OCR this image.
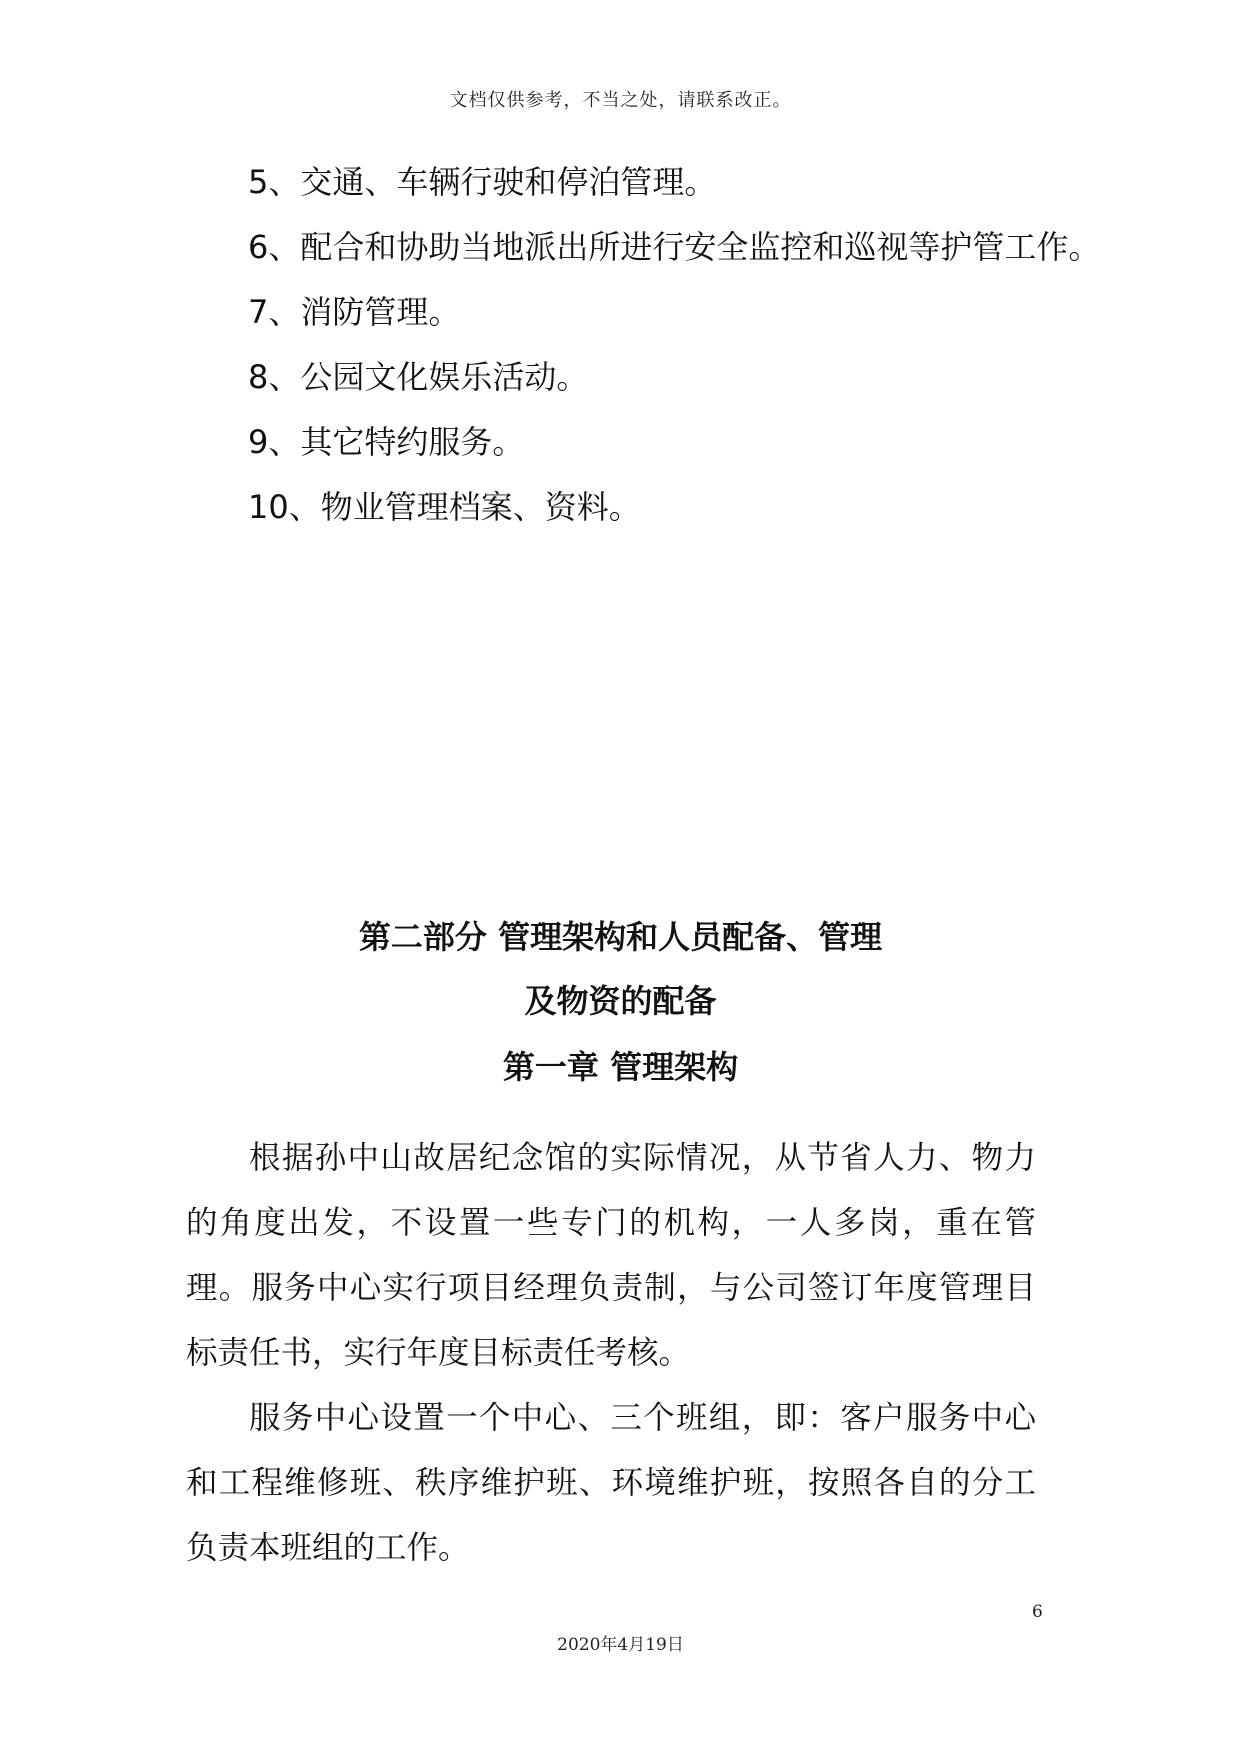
文档仅供参考，不当之处，请联系改正。
5、交通、车辆行驶和停泊管理。
6、配合和协助当地派出所进行安全监控和巡视等护管工作。
7、消防管理。
8、公园文化娱乐活动。
9、其它特约服务。
10、物业管理档案、资料。
第二部分 管理架构和人员配备、管理
及物资的配备
第一章 管理架构

根据孙中山故居纪念馆的实际情况，从节省人力、物力的角度出发，不设置一些专门的机构，一人多岗，重在管理。服务中心实行项目经理负责制，与公司签订年度管理目标责任书，实行年度目标责任考核。

服务中心设置一个中心、三个班组，即：客户服务中心和工程维修班、秩序维护班、环境维护班，按照各自的分工负责本班组的工作。

6
2020年4月19日
